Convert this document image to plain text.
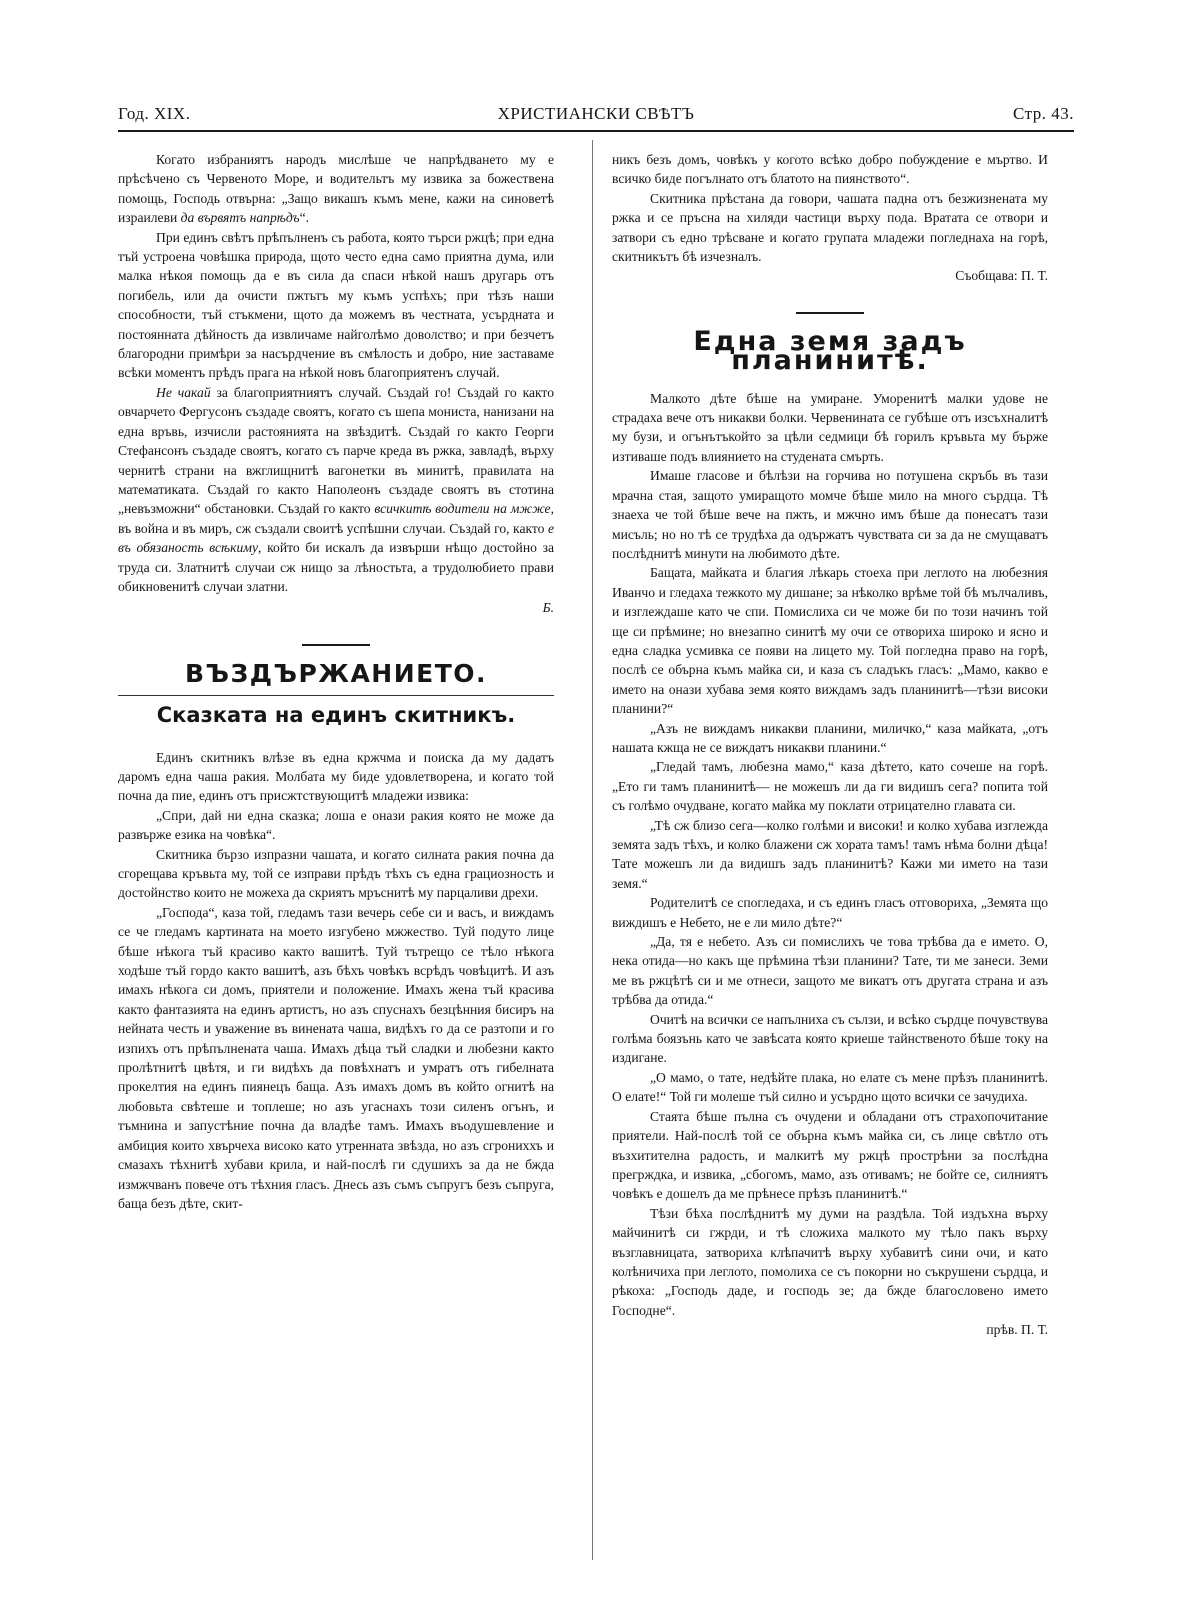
Год. XIX.	ХРИСТИАНСКИ СВѢТЪ	Стр. 43.

Когато избраниятъ народъ мислѣше че напрѣдването му е прѣсѣчено съ Червеното Море, и водительтъ му извика за божествена помощь, Господь отвърна: „Защо викашъ къмъ мене, кажи на синоветѣ израилеви да вървятъ напрѣдъ“.

При единъ свѣтъ прѣпълненъ съ работа, която търси ржцѣ; при една тъй устроена човѣшка природа, щото често една само приятна дума, или малка нѣкоя помощь да е въ сила да спаси нѣкой нашъ другарь отъ погибель, или да очисти пжтьтъ му къмъ успѣхъ; при тѣзъ наши способности, тъй стъкмени, щото да можемъ въ честната, усърдната и постоянната дѣйность да извличаме найголѣмо доволство; и при безчетъ благородни примѣри за насърдчение въ смѣлость и добро, ние заставаме всѣки моментъ прѣдъ прага на нѣкой новъ благоприятенъ случай.

Не чакай за благоприятниятъ случай. Създай го! Създай го както овчарчето Фергусонъ създаде своятъ, когато съ шепа мониста, нанизани на една връвь, изчисли растоянията на звѣздитѣ. Създай го както Георги Стефансонъ създаде своятъ, когато съ парче креда въ ржка, завладѣ, върху чернитѣ страни на вжглищнитѣ вагонетки въ минитѣ, правилата на математиката. Създай го както Наполеонъ създаде своятъ въ стотина „невъзможни“ обстановки. Създай го както всичкитѣ водители на мжже, въ война и въ миръ, сж създали своитѣ успѣшни случаи. Създай го, както е въ обязаность всѣкиму, който би искалъ да извърши нѣщо достойно за труда си. Златнитѣ случаи сж нищо за лѣностьта, а трудолюбието прави обикновенитѣ случаи златни.

Б.

ВЪЗДЪРЖАНИЕТО.
Сказката на единъ скитникъ.

Единъ скитникъ влѣзе въ една кржчма и поиска да му дадатъ даромъ една чаша ракия. Молбата му биде удовлетворена, и когато той почна да пие, единъ отъ присжтствующитѣ младежи извика:

„Спри, дай ни една сказка; лоша е онази ракия която не може да развърже езика на човѣка“.

Скитника бързо изпразни чашата, и когато силната ракия почна да сгорещава кръвьта му, той се изправи прѣдъ тѣхъ съ една грациозность и достойнство които не можеха да скриятъ мръснитѣ му парцаливи дрехи.

„Господа“, каза той, гледамъ тази вечерь себе си и васъ, и виждамъ се че гледамъ картината на моето изгубено мжжество. Туй подуто лице бѣше нѣкога тъй красиво както вашитѣ. Туй тътрещо се тѣло нѣкога ходѣше тъй гордо както вашитѣ, азъ бѣхъ човѣкъ всрѣдъ човѣцитѣ. И азъ имахъ нѣкога си домъ, приятели и положение. Имахъ жена тъй красива както фантазията на единъ артистъ, но азъ спуснахъ безцѣнния бисиръ на нейната честь и уважение въ винената чаша, видѣхъ го да се разтопи и го изпихъ отъ прѣпълнената чаша. Имахъ дѣца тъй сладки и любезни както пролѣтнитѣ цвѣтя, и ги видѣхъ да повѣхнатъ и умратъ отъ гибелната прокелтия на единъ пиянецъ баща. Азъ имахъ домъ въ който огнитѣ на любовьта свѣтеше и топлеше; но азъ угаснахъ този силенъ огънъ, и тъмнина и запустѣние почна да владѣе тамъ. Имахъ въодушевление и амбиция които хвърчеха високо като утренната звѣзда, но азъ сгрониххъ и смазахъ тѣхнитѣ хубави крила, и най-послѣ ги сдушихъ за да не бжда измжчванъ повече отъ тѣхния гласъ. Днесь азъ съмъ съпругъ безъ съпруга, баща безъ дѣте, скит-

никъ безъ домъ, човѣкъ у когото всѣко добро побуждение е мъртво. И всичко биде погълнато отъ блатото на пиянството“.

Скитника прѣстана да говори, чашата падна отъ безжизнената му ржка и се пръсна на хиляди частици върху пода. Вратата се отвори и затвори съ едно трѣсване и когато групата младежи погледнаха на горѣ, скитникътъ бѣ изчезналъ.

Съобщава: П. Т.

Една земя задъ планинитѣ.

Малкото дѣте бѣше на умиране. Уморенитѣ малки удове не страдаха вече отъ никакви болки. Червенината се губѣше отъ изсъхналитѣ му бузи, и огънътъкойто за цѣли седмици бѣ горилъ кръвьта му бърже изтиваше подъ влиянието на студената смърть.

Имаше гласове и бѣлѣзи на горчива но потушена скръбь въ тази мрачна стая, защото умиращото момче бѣше мило на много сърдца. Тѣ знаеха че той бѣше вече на пжть, и мжчно имъ бѣше да понесатъ тази мисъль; но но тѣ се трудѣха да одържатъ чувствата си за да не смущаватъ послѣднитѣ минути на любимото дѣте.

Бащата, майката и благия лѣкарь стоеха при леглото на любезния Иванчо и гледаха тежкото му дишане; за нѣколко врѣме той бѣ мълчаливъ, и изглеждаше като че спи. Помислиха си че може би по този начинъ той ще си прѣмине; но внезапно синитѣ му очи се отвориха широко и ясно и една сладка усмивка се появи на лицето му. Той погледна право на горѣ, послѣ се обърна къмъ майка си, и каза съ сладъкъ гласъ: „Мамо, какво е името на онази хубава земя която виждамъ задъ планинитѣ—тѣзи високи планини?“

„Азъ не виждамъ никакви планини, миличко,“ каза майката, „отъ нашата кжща не се виждатъ никакви планини.“

„Гледай тамъ, любезна мамо,“ каза дѣтето, като сочеше на горѣ. „Ето ги тамъ планинитѣ— не можешъ ли да ги видишъ сега? попита той съ голѣмо очудване, когато майка му поклати отрицателно главата си.

„Тѣ сж близо сега—колко голѣми и високи! и колко хубава изглежда земята задъ тѣхъ, и колко блажени сж хората тамъ! тамъ нѣма болни дѣца! Тате можешъ ли да видишъ задъ планинитѣ? Кажи ми името на тази земя.“

Родителитѣ се спогледаха, и съ единъ гласъ отговориха, „Земята що виждишъ е Небето, не е ли мило дѣте?“

„Да, тя е небето. Азъ си помислихъ че това трѣбва да е името. О, нека отида—но какъ ще прѣмина тѣзи планини? Тате, ти ме занеси. Земи ме въ ржцѣтѣ си и ме отнеси, защото ме викатъ отъ другата страна и азъ трѣбва да отида.“

Очитѣ на всички се напълниха съ сълзи, и всѣко сърдце почувствува голѣма боязънь като че завѣсата която криеше тайнственото бѣше току на издигане.

„О мамо, о тате, недѣйте плака, но елате съ мене прѣзъ планинитѣ. О елате!“ Той ги молеше тъй силно и усърдно щото всички се зачудиха.

Стаята бѣше пълна съ очудени и обладани отъ страхопочитание приятели. Най-послѣ той се обърна къмъ майка си, съ лице свѣтло отъ възхитителна радость, и малкитѣ му ржцѣ прострѣни за послѣдна прегрждка, и извика, „сбогомъ, мамо, азъ отивамъ; не бойте се, силниятъ човѣкъ е дошелъ да ме прѣнесе прѣзъ планинитѣ.“

Тѣзи бѣха послѣднитѣ му думи на раздѣла. Той издъхна върху майчинитѣ си гжрди, и тѣ сложиха малкото му тѣло пакъ върху възглавницата, затвориха клѣпачитѣ върху хубавитѣ сини очи, и като колѣничиха при леглото, помолиха се съ покорни но съкрушени сърдца, и рѣкоха: „Господь даде, и господь зе; да бжде благословено името Господне“.

прѣв. П. Т.
